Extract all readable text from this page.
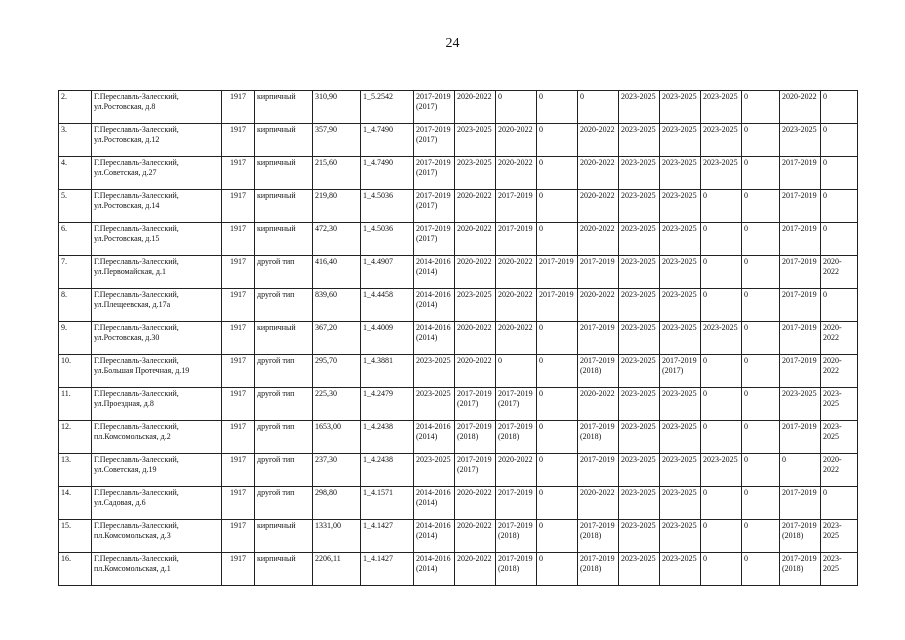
24
2.	Г.Переславль-Залесский, ул.Ростовская, д.8	1917	кирпичный	310,90	1_5.2542	2017-2019 (2017)	2020-2022	0	0	0	2023-2025	2023-2025	2023-2025	0	2020-2022	0
3.	Г.Переславль-Залесский, ул.Ростовская, д.12	1917	кирпичный	357,90	1_4.7490	2017-2019 (2017)	2023-2025	2020-2022	0	2020-2022	2023-2025	2023-2025	2023-2025	0	2023-2025	0
4.	Г.Переславль-Залесский, ул.Советская, д.27	1917	кирпичный	215,60	1_4.7490	2017-2019 (2017)	2023-2025	2020-2022	0	2020-2022	2023-2025	2023-2025	2023-2025	0	2017-2019	0
5.	Г.Переславль-Залесский, ул.Ростовская, д.14	1917	кирпичный	219,80	1_4.5036	2017-2019 (2017)	2020-2022	2017-2019	0	2020-2022	2023-2025	2023-2025	0	0	2017-2019	0
6.	Г.Переславль-Залесский, ул.Ростовская, д.15	1917	кирпичный	472,30	1_4.5036	2017-2019 (2017)	2020-2022	2017-2019	0	2020-2022	2023-2025	2023-2025	0	0	2017-2019	0
7.	Г.Переславль-Залесский, ул.Первомайская, д.1	1917	другой тип	416,40	1_4.4907	2014-2016 (2014)	2020-2022	2020-2022	2017-2019	2017-2019	2023-2025	2023-2025	0	0	2017-2019	2020-2022
8.	Г.Переславль-Залесский, ул.Плещеевская, д.17а	1917	другой тип	839,60	1_4.4458	2014-2016 (2014)	2023-2025	2020-2022	2017-2019	2020-2022	2023-2025	2023-2025	0	0	2017-2019	0
9.	Г.Переславль-Залесский, ул.Ростовская, д.30	1917	кирпичный	367,20	1_4.4009	2014-2016 (2014)	2020-2022	2020-2022	0	2017-2019	2023-2025	2023-2025	2023-2025	0	2017-2019	2020-2022
10.	Г.Переславль-Залесский, ул.Большая Протечная, д.19	1917	другой тип	295,70	1_4.3881	2023-2025	2020-2022	0	0	2017-2019 (2018)	2023-2025	2017-2019 (2017)	0	0	2017-2019	2020-2022
11.	Г.Переславль-Залесский, ул.Проездная, д.8	1917	другой тип	225,30	1_4.2479	2023-2025	2017-2019 (2017)	2017-2019 (2017)	0	2020-2022	2023-2025	2023-2025	0	0	2023-2025	2023-2025
12.	Г.Переславль-Залесский, пл.Комсомольская, д.2	1917	другой тип	1653,00	1_4.2438	2014-2016 (2014)	2017-2019 (2018)	2017-2019 (2018)	0	2017-2019 (2018)	2023-2025	2023-2025	0	0	2017-2019	2023-2025
13.	Г.Переславль-Залесский, ул.Советская, д.19	1917	другой тип	237,30	1_4.2438	2023-2025	2017-2019 (2017)	2020-2022	0	2017-2019	2023-2025	2023-2025	2023-2025	0	0	2020-2022
14.	Г.Переславль-Залесский, ул.Садовая, д.6	1917	другой тип	298,80	1_4.1571	2014-2016 (2014)	2020-2022	2017-2019	0	2020-2022	2023-2025	2023-2025	0	0	2017-2019	0
15.	Г.Переславль-Залесский, пл.Комсомольская, д.3	1917	кирпичный	1331,00	1_4.1427	2014-2016 (2014)	2020-2022	2017-2019 (2018)	0	2017-2019 (2018)	2023-2025	2023-2025	0	0	2017-2019 (2018)	2023-2025
16.	Г.Переславль-Залесский, пл.Комсомольская, д.1	1917	кирпичный	2206,11	1_4.1427	2014-2016 (2014)	2020-2022	2017-2019 (2018)	0	2017-2019 (2018)	2023-2025	2023-2025	0	0	2017-2019 (2018)	2023-2025
